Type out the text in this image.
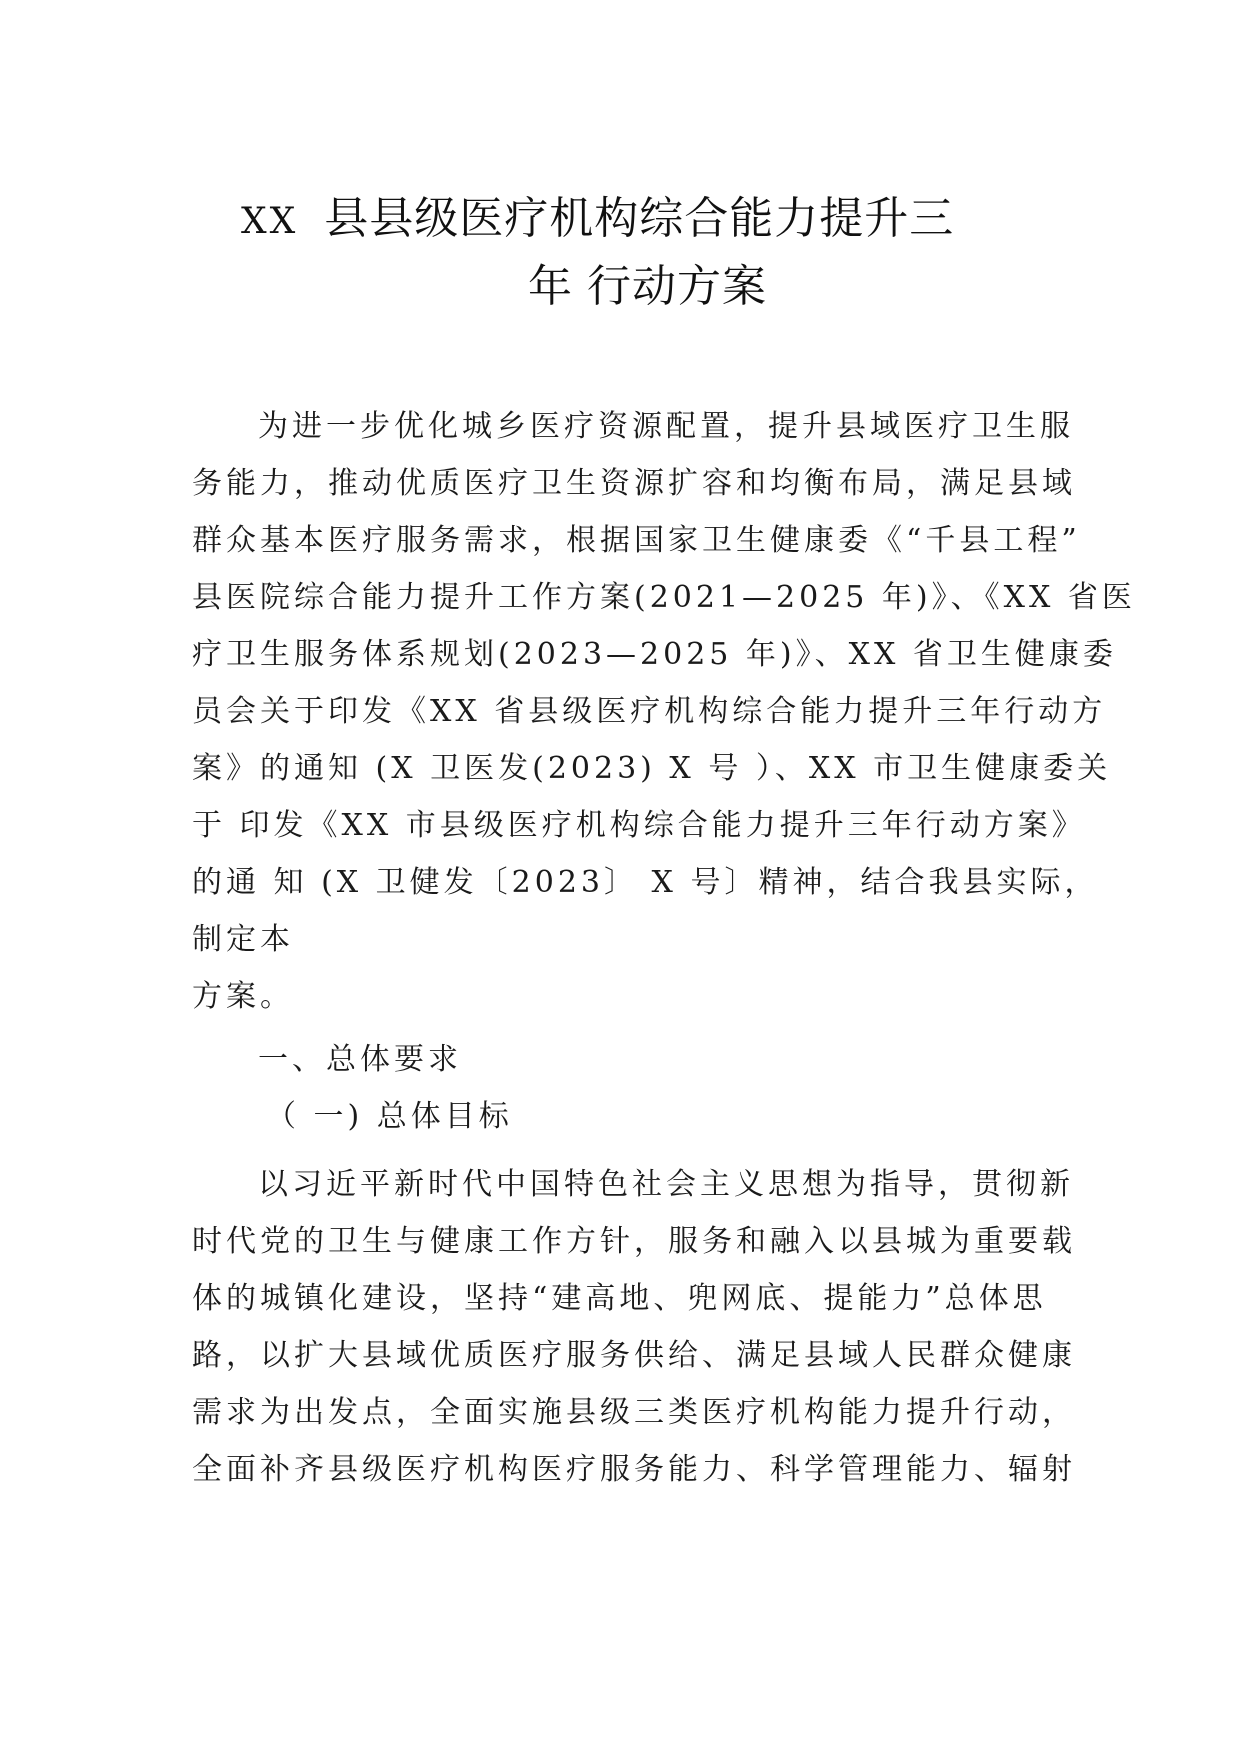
XX 县县级医疗机构综合能力提升三
年 行动方案
为进一步优化城乡医疗资源配置，提升县域医疗卫生服
务能力，推动优质医疗卫生资源扩容和均衡布局，满足县域
群众基本医疗服务需求，根据国家卫生健康委《“千县工程”
县医院综合能力提升工作方案(2021—2025 年)》、《XX 省医
疗卫生服务体系规划(2023—2025 年)》、XX 省卫生健康委
员会关于印发《XX 省县级医疗机构综合能力提升三年行动方
案》的通知 (X 卫医发(2023) X 号 ）、XX 市卫生健康委关
于 印发《XX 市县级医疗机构综合能力提升三年行动方案》
的通 知 (X 卫健发〔2023〕 X 号〕精神，结合我县实际，
制定本
方案。
一、总体要求
（ 一) 总体目标
以习近平新时代中国特色社会主义思想为指导，贯彻新
时代党的卫生与健康工作方针，服务和融入以县城为重要载
体的城镇化建设，坚持“建高地、兜网底、提能力”总体思
路，以扩大县域优质医疗服务供给、满足县域人民群众健康
需求为出发点，全面实施县级三类医疗机构能力提升行动，
全面补齐县级医疗机构医疗服务能力、科学管理能力、辐射
